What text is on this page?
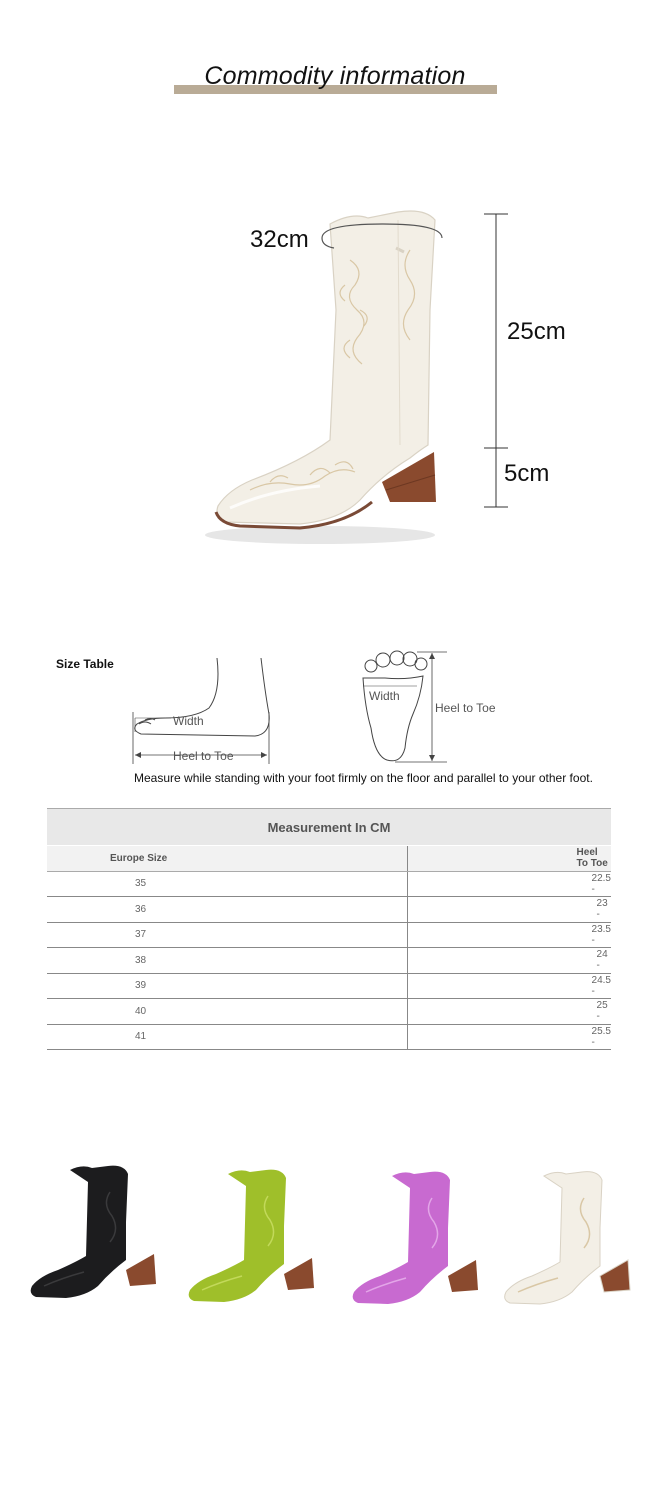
Commodity information
32cm
25cm
5cm
Size Table
Width
Heel to Toe
Width
Heel to Toe
Measure while standing with your foot firmly on the floor and parallel to your other foot.
Measurement In CM	
Europe Size	Heel To Toe
35	22.5 -
36	23 -
37	23.5 -
38	24 -
39	24.5 -
40	25 -
41	25.5 -
